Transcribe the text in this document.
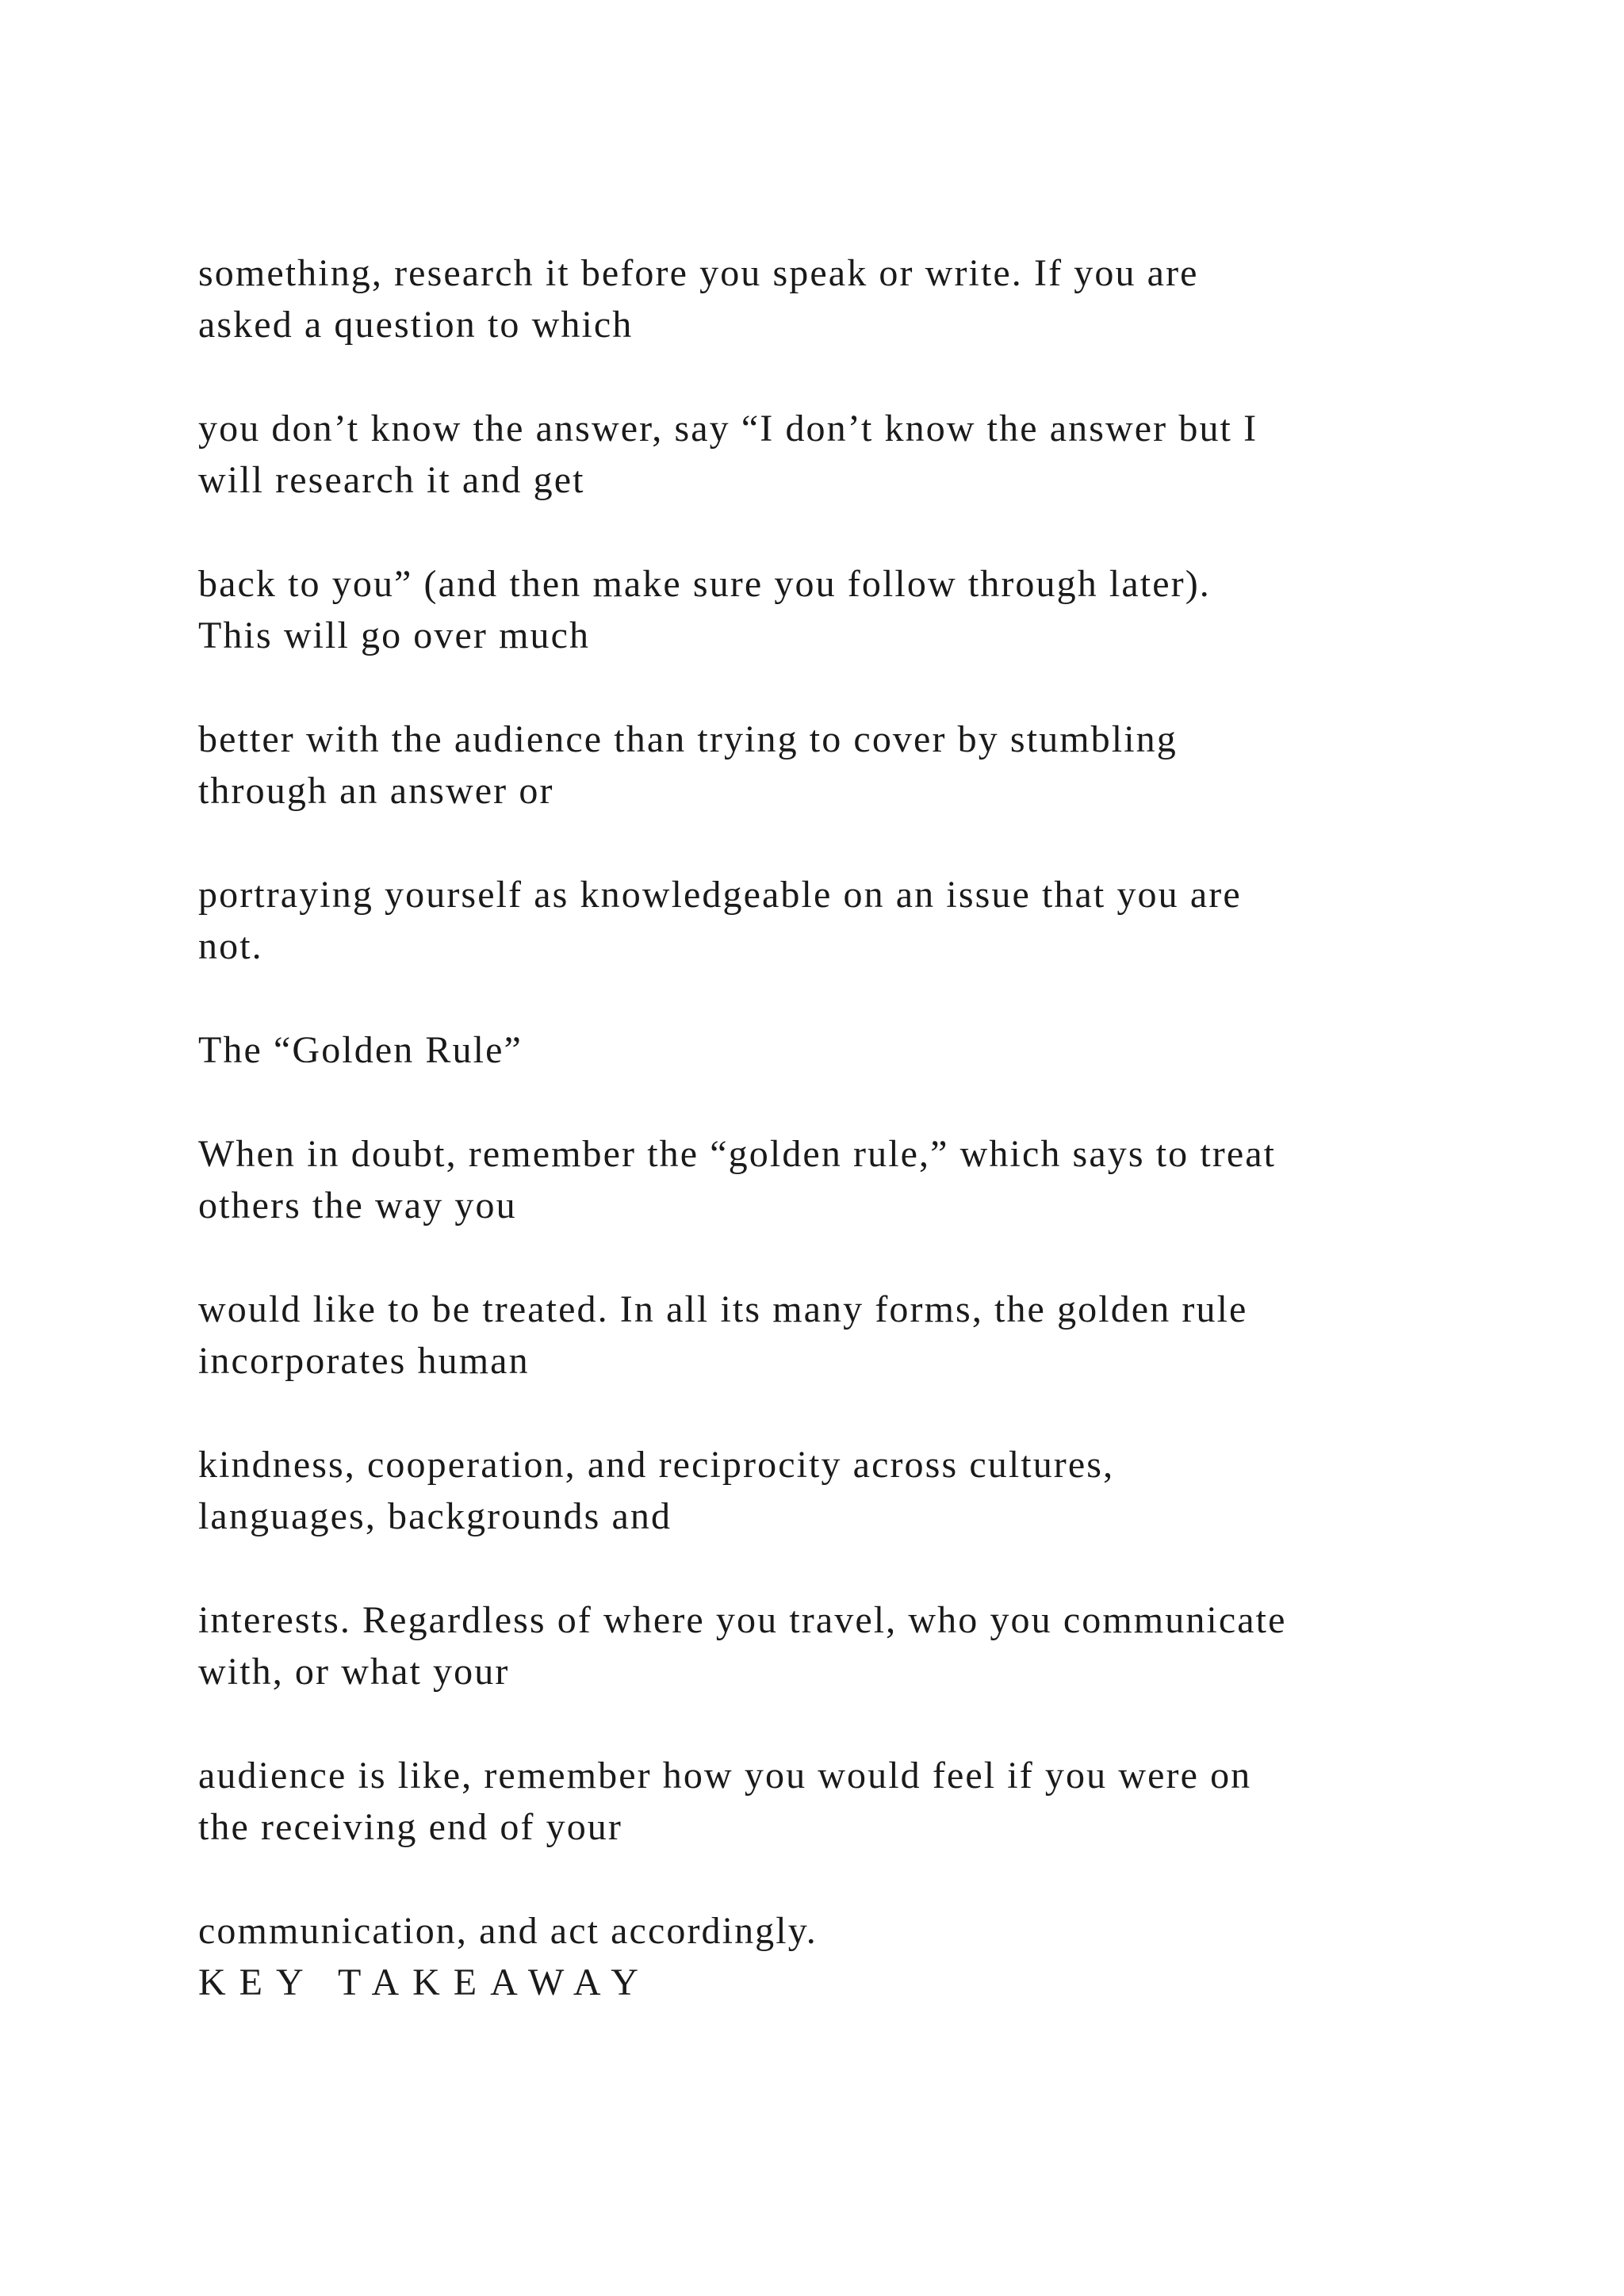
something, research it before you speak or write. If you are
asked a question to which

you don’t know the answer, say “I don’t know the answer but I
will research it and get

back to you” (and then make sure you follow through later).
This will go over much

better with the audience than trying to cover by stumbling
through an answer or

portraying yourself as knowledgeable on an issue that you are
not.

The “Golden Rule”

When in doubt, remember the “golden rule,” which says to treat
others the way you

would like to be treated. In all its many forms, the golden rule
incorporates human

kindness, cooperation, and reciprocity across cultures,
languages, backgrounds and

interests. Regardless of where you travel, who you communicate
with, or what your

audience is like, remember how you would feel if you were on
the receiving end of your

communication, and act accordingly.
KEY TAKEAWAY
